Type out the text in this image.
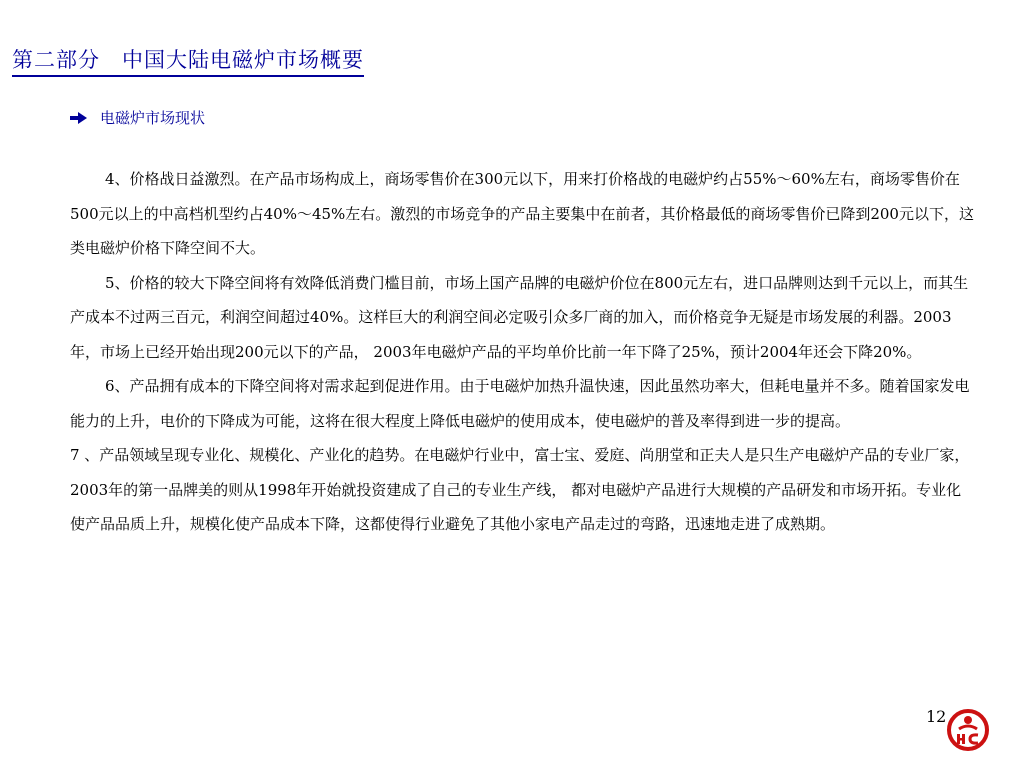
第二部分　中国大陆电磁炉市场概要
电磁炉市场现状

4、价格战日益激烈。在产品市场构成上，商场零售价在300元以下，用来打价格战的电磁炉约占55%～60%左右，商场零售价在500元以上的中高档机型约占40%～45%左右。激烈的市场竞争的产品主要集中在前者，其价格最低的商场零售价已降到200元以下，这类电磁炉价格下降空间不大。

5、价格的较大下降空间将有效降低消费门槛目前，市场上国产品牌的电磁炉价位在800元左右，进口品牌则达到千元以上，而其生产成本不过两三百元，利润空间超过40%。这样巨大的利润空间必定吸引众多厂商的加入，而价格竞争无疑是市场发展的利器。2003年，市场上已经开始出现200元以下的产品， 2003年电磁炉产品的平均单价比前一年下降了25%，预计2004年还会下降20%。

6、产品拥有成本的下降空间将对需求起到促进作用。由于电磁炉加热升温快速，因此虽然功率大，但耗电量并不多。随着国家发电能力的上升，电价的下降成为可能，这将在很大程度上降低电磁炉的使用成本，使电磁炉的普及率得到进一步的提高。

7 、产品领域呈现专业化、规模化、产业化的趋势。在电磁炉行业中，富士宝、爱庭、尚朋堂和正夫人是只生产电磁炉产品的专业厂家，2003年的第一品牌美的则从1998年开始就投资建成了自己的专业生产线， 都对电磁炉产品进行大规模的产品研发和市场开拓。专业化使产品品质上升，规模化使产品成本下降，这都使得行业避免了其他小家电产品走过的弯路，迅速地走进了成熟期。

12
